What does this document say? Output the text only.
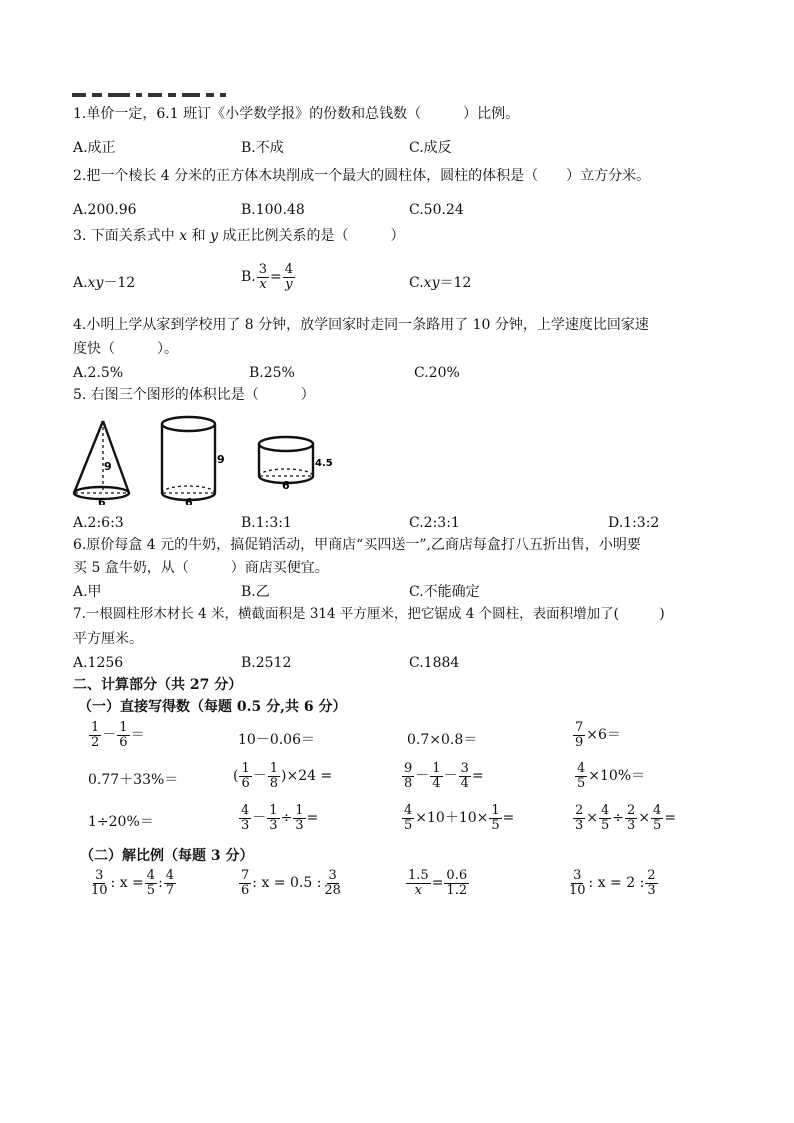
1.单价一定，6.1 班订《小学数学报》的份数和总钱数（　　　）比例。
A.成正	B.不成	C.成反
2.把一个棱长 4 分米的正方体木块削成一个最大的圆柱体，圆柱的体积是（　　）立方分米。
A.200.96	B.100.48	C.50.24
3. 下面关系式中 x 和 y 成正比例关系的是（　　　）
A. xy －12	B. $\frac{3}{x} = \frac{4}{y}$	C. xy ＝12
4.小明上学从家到学校用了 8 分钟，放学回家时走同一条路用了 10 分钟，上学速度比回家速
度快（　　　）。
A.2.5%	B.25%	C.20%
5. 右图三个图形的体积比是（　　　）
9
6
9
6
4.5
6
A.2:6:3	B.1:3:1	C.2:3:1	D.1:3:2
6.原价每盒 4 元的牛奶，搞促销活动，甲商店“买四送一”,乙商店每盒打八五折出售，小明要
买 5 盒牛奶，从（　　　）商店买便宜。
A.甲	B.乙	C.不能确定
7.一根圆柱形木材长 4 米，横截面积是 314 平方厘米，把它锯成 4 个圆柱，表面积增加了(　　　)
平方厘米。
A.1256	B.2512	C.1884
二、计算部分（共 27 分）
（一）直接写得数（每题 0.5 分,共 6 分）
$\frac{1}{2} - \frac{1}{6}$ ＝	10－0.06＝	0.7×0.8＝	$\frac{7}{9} \times 6=$
0.77＋33%＝	( $\frac{1}{6} - \frac{1}{8} )\times 24$ =	$\frac{9}{8} - \frac{1}{4} - \frac{3}{4}$ =	$\frac{4}{5} \times 10\%=$
1÷20%＝	$\frac{4}{3} - \frac{1}{3} \div \frac{1}{3}$ =	$\frac{4}{5} \times 10+10\times \frac{1}{5}$ =	$\frac{2}{3} \times \frac{4}{5} \div \frac{2}{3} \times \frac{4}{5}$ =
（二）解比例（每题 3 分）
$\frac{3}{10}$ : $x = \frac{4}{5}$ : $\frac{4}{7}$	$\frac{7}{6}$ : x = 0.5 : $\frac{3}{28}$	$\frac{1.5}{x} = \frac{0.6}{1.2}$	$\frac{3}{10}$ : x = 2 : $\frac{2}{3}$
